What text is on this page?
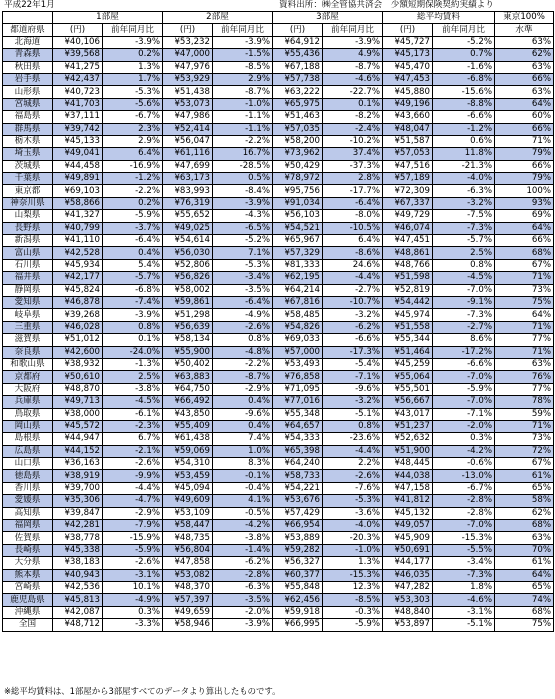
平成22年1月	資料出所：㈱全管協共済会　少額短期保険契約実績より
	1部屋		2部屋		3部屋		総平均賃料		東京100%
都道府県	(円)	前年同月比	(円)	前年同月比	(円)	前年同月比	(円)	前年同月比	水準
北海道	¥40,106	-3.9%	¥53,232	-3.9%	¥64,912	-3.9%	¥45,727	-5.2%	63%
青森県	¥39,568	0.2%	¥47,000	-1.5%	¥55,436	4.9%	¥45,173	0.7%	62%
秋田県	¥41,275	1.3%	¥47,976	-8.5%	¥67,188	-8.7%	¥45,470	-1.6%	63%
岩手県	¥42,437	1.7%	¥53,929	2.9%	¥57,738	-4.6%	¥47,453	-6.8%	66%
山形県	¥40,723	-5.3%	¥51,438	-8.7%	¥63,222	-22.7%	¥45,880	-15.6%	63%
宮城県	¥41,703	-5.6%	¥53,073	-1.0%	¥65,975	0.1%	¥49,196	-8.8%	64%
福島県	¥37,111	-6.7%	¥47,986	-1.1%	¥51,463	-8.2%	¥43,660	-6.6%	60%
群馬県	¥39,742	2.3%	¥52,414	-1.1%	¥57,035	-2.4%	¥48,047	-1.2%	66%
栃木県	¥45,133	2.9%	¥56,047	-2.2%	¥58,200	-10.2%	¥51,587	0.6%	71%
埼玉県	¥49,041	6.4%	¥61,116	16.7%	¥73,962	37.4%	¥57,053	11.8%	79%
茨城県	¥44,458	-16.9%	¥47,699	-28.5%	¥50,429	-37.3%	¥47,516	-21.3%	66%
千葉県	¥49,891	-1.2%	¥63,173	0.5%	¥78,972	2.8%	¥57,189	-4.0%	79%
東京都	¥69,103	-2.2%	¥83,993	-8.4%	¥95,756	-17.7%	¥72,309	-6.3%	100%
神奈川県	¥58,866	0.2%	¥76,319	-3.9%	¥91,034	-6.4%	¥67,337	-3.2%	93%
山梨県	¥41,327	-5.9%	¥55,652	-4.3%	¥56,103	-8.0%	¥49,729	-7.5%	69%
長野県	¥40,799	-3.7%	¥49,025	-6.5%	¥54,521	-10.5%	¥46,074	-7.3%	64%
新潟県	¥41,110	-6.4%	¥54,614	-5.2%	¥65,967	6.4%	¥47,451	-5.7%	66%
富山県	¥42,528	0.4%	¥56,030	7.1%	¥57,329	-8.6%	¥48,861	2.5%	68%
石川県	¥45,934	5.4%	¥52,806	-5.3%	¥81,333	24.6%	¥48,766	0.8%	67%
福井県	¥42,177	-5.7%	¥56,826	-3.4%	¥62,195	-4.4%	¥51,598	-4.5%	71%
静岡県	¥45,824	-6.8%	¥58,002	-3.5%	¥64,214	-2.7%	¥52,819	-7.0%	73%
愛知県	¥46,878	-7.4%	¥59,861	-6.4%	¥67,816	-10.7%	¥54,442	-9.1%	75%
岐阜県	¥39,268	-3.9%	¥51,298	-4.9%	¥58,485	-3.2%	¥45,974	-7.3%	64%
三重県	¥46,028	0.8%	¥56,639	-2.6%	¥54,826	-6.2%	¥51,558	-2.7%	71%
滋賀県	¥51,012	0.1%	¥58,134	0.8%	¥69,033	-6.6%	¥55,344	8.6%	77%
奈良県	¥42,600	-24.0%	¥55,900	-4.8%	¥57,000	-17.3%	¥51,464	-17.2%	71%
和歌山県	¥38,932	-1.3%	¥50,402	-2.2%	¥53,493	-5.4%	¥45,259	-6.6%	63%
京都府	¥50,610	2.5%	¥63,883	-8.7%	¥76,858	-7.1%	¥55,064	-7.0%	76%
大阪府	¥48,870	-3.8%	¥64,750	-2.9%	¥71,095	-9.6%	¥55,501	-5.9%	77%
兵庫県	¥49,713	-4.5%	¥66,492	0.4%	¥77,016	-3.2%	¥56,667	-7.0%	78%
鳥取県	¥38,000	-6.1%	¥43,850	-9.6%	¥55,348	-5.1%	¥43,017	-7.1%	59%
岡山県	¥45,572	-2.3%	¥55,409	0.4%	¥64,657	0.8%	¥51,237	-2.0%	71%
島根県	¥44,947	6.7%	¥61,438	7.4%	¥54,333	-23.6%	¥52,632	0.3%	73%
広島県	¥44,152	-2.1%	¥59,069	1.0%	¥65,398	-4.4%	¥51,900	-4.2%	72%
山口県	¥36,163	-2.6%	¥54,310	8.3%	¥64,240	2.2%	¥48,445	-0.6%	67%
徳島県	¥38,919	-9.9%	¥53,459	-0.1%	¥58,733	-2.6%	¥44,038	-13.0%	61%
香川県	¥39,700	-4.4%	¥45,094	-0.4%	¥54,221	-7.6%	¥47,158	-6.7%	65%
愛媛県	¥35,306	-4.7%	¥49,609	4.1%	¥53,676	-5.3%	¥41,812	-2.8%	58%
高知県	¥39,847	-2.9%	¥53,109	-0.5%	¥57,429	-3.6%	¥45,132	-2.8%	62%
福岡県	¥42,281	-7.9%	¥58,447	-4.2%	¥66,954	-4.0%	¥49,057	-7.0%	68%
佐賀県	¥38,778	-15.9%	¥48,735	-3.8%	¥53,889	-20.3%	¥45,909	-15.3%	63%
長崎県	¥45,338	-5.9%	¥56,804	-1.4%	¥59,282	-1.0%	¥50,691	-5.5%	70%
大分県	¥38,183	-2.6%	¥47,858	-6.2%	¥56,327	1.3%	¥44,177	-3.4%	61%
熊本県	¥40,943	-3.1%	¥53,082	-2.8%	¥60,377	-15.3%	¥46,035	-7.3%	64%
宮崎県	¥42,536	10.1%	¥48,370	-6.3%	¥55,848	12.3%	¥47,282	1.8%	65%
鹿児島県	¥45,813	-4.9%	¥57,397	-3.5%	¥62,456	-8.5%	¥53,303	-4.6%	74%
沖縄県	¥42,087	0.3%	¥49,659	-2.0%	¥59,918	-0.3%	¥48,840	-3.1%	68%
全国	¥48,712	-3.3%	¥58,946	-3.9%	¥66,995	-5.9%	¥53,897	-5.1%	75%
※総平均賃料は、1部屋から3部屋すべてのデータより算出したものです。
